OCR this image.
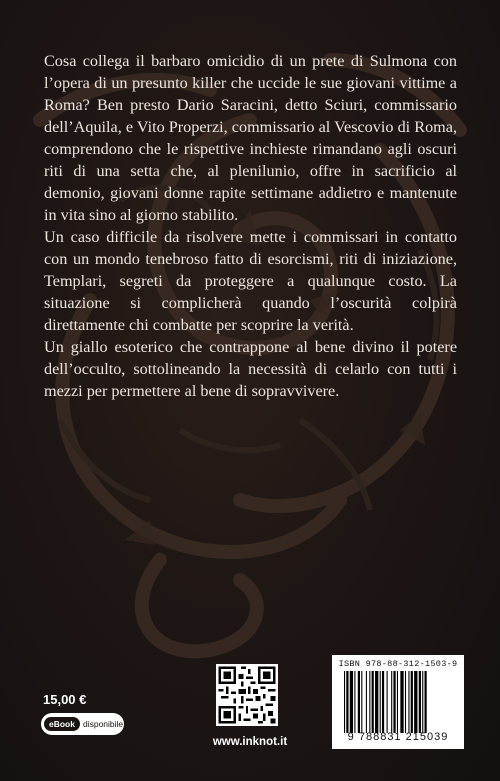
Cosa collega il barbaro omicidio di un prete di Sulmona con l’opera di un presunto killer che uccide le sue giovani vittime a Roma? Ben presto Dario Saracini, detto Sciuri, commissario dell’Aquila, e Vito Properzi, commissario al Vescovio di Roma, comprendono che le rispettive inchieste rimandano agli oscuri riti di una setta che, al plenilunio, offre in sacrificio al demonio, giovani donne rapite settimane addietro e mantenute in vita sino al giorno stabilito.

Un caso difficile da risolvere mette i commissari in contatto con un mondo tenebroso fatto di esorcismi, riti di iniziazione, Templari, segreti da proteggere a qualunque costo. La situazione si complicherà quando l’oscurità colpirà direttamente chi combatte per scoprire la verità.

Un giallo esoterico che contrappone al bene divino il potere dell’occulto, sottolineando la necessità di celarlo con tutti i mezzi per permettere al bene di sopravvivere.

15,00 €
eBook disponibile
www.inknot.it
ISBN 978-88-312-1503-9
9 788831 215039
